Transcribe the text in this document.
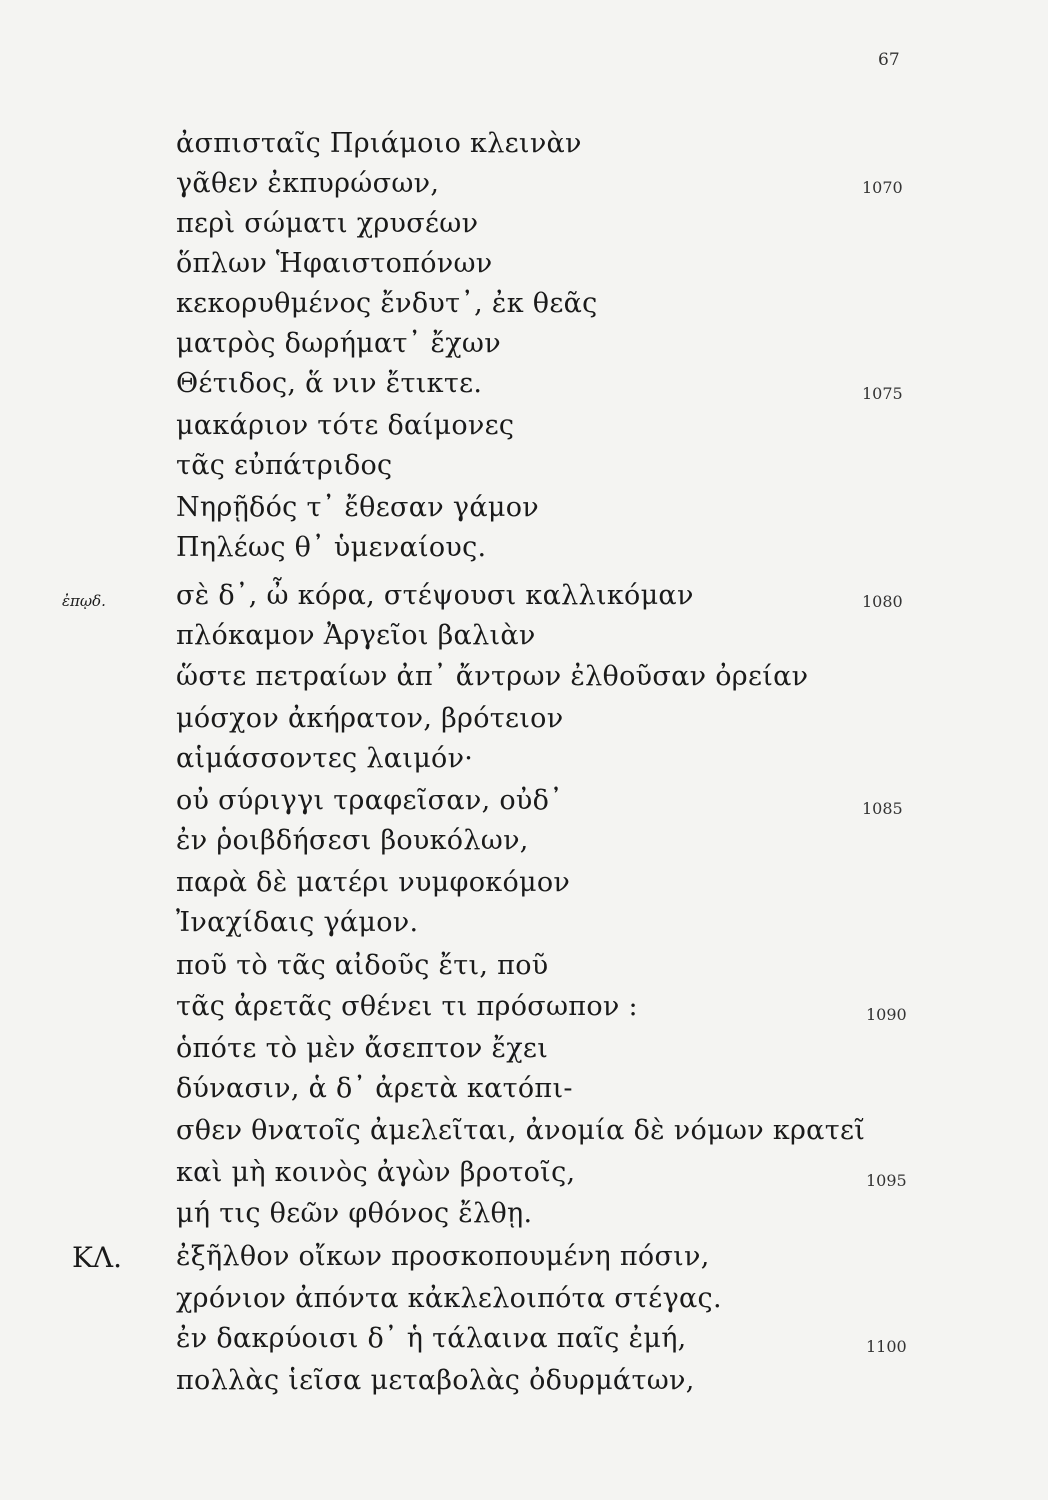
67
ἀσπισταῖς Πριάμοιο κλεινὰν
γᾶθεν ἐκπυρώσων,
περὶ σώματι χρυσέων
ὅπλων Ἡφαιστοπόνων
κεκορυθμένος ἔνδυτ᾽, ἐκ θεᾶς
ματρὸς δωρήματ᾽ ἔχων
Θέτιδος, ἅ νιν ἔτικτε.
μακάριον τότε δαίμονες
τᾶς εὐπάτριδος
Νηρῇδός τ᾽ ἔθεσαν γάμον
Πηλέως θ᾽ ὑμεναίους.
σὲ δ᾽, ὦ κόρα, στέψουσι καλλικόμαν
πλόκαμον Ἀργεῖοι βαλιὰν
ὥστε πετραίων ἀπ᾽ ἄντρων ἐλθοῦσαν ὀρείαν
μόσχον ἀκήρατον, βρότειον
αἱμάσσοντες λαιμόν·
οὐ σύριγγι τραφεῖσαν, οὐδ᾽
ἐν ῥοιβδήσεσι βουκόλων,
παρὰ δὲ ματέρι νυμφοκόμον
Ἰναχίδαις γάμον.
ποῦ τὸ τᾶς αἰδοῦς ἔτι, ποῦ
τᾶς ἀρετᾶς σθένει τι πρόσωπον :
ὁπότε τὸ μὲν ἄσεπτον ἔχει
δύνασιν, ἁ δ᾽ ἀρετὰ κατόπι-
σθεν θνατοῖς ἀμελεῖται, ἀνομία δὲ νόμων κρατεῖ
καὶ μὴ κοινὸς ἀγὼν βροτοῖς,
μή τις θεῶν φθόνος ἔλθῃ.
ἐξῆλθον οἴκων προσκοπουμένη πόσιν,
χρόνιον ἀπόντα κἀκλελοιπότα στέγας.
ἐν δακρύοισι δ᾽ ἡ τάλαινα παῖς ἐμή,
πολλὰς ἱεῖσα μεταβολὰς ὀδυρμάτων,
1070
1075
1080
1085
1090
1095
1100
ἐπῳδ.
ΚΛ.
